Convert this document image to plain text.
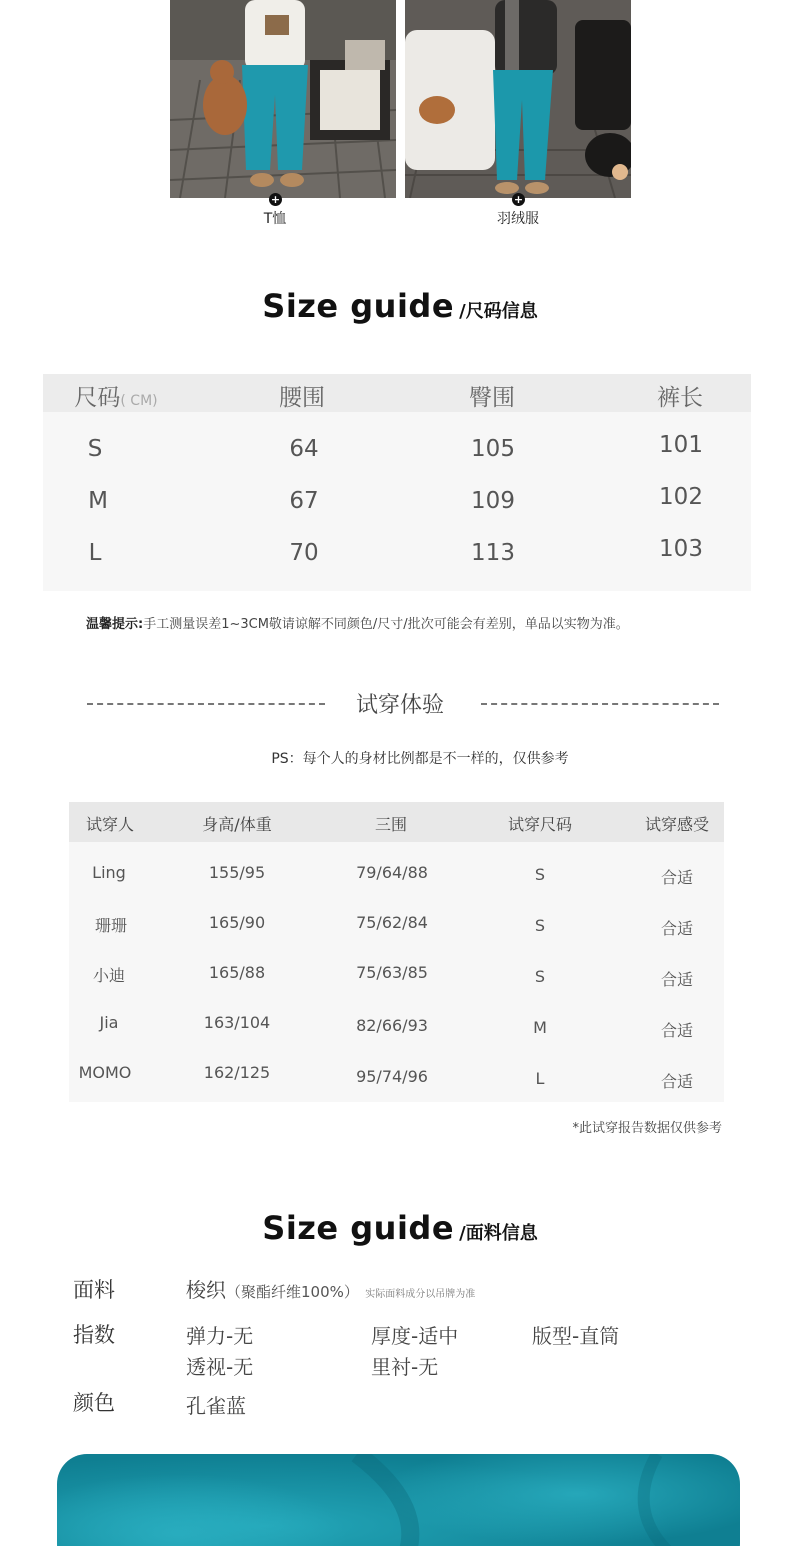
+	+
T恤	羽绒服
Size guide /尺码信息
尺码( CM)	腰围	臀围	裤长
S	64	105	101
M	67	109	102
L	70	113	103
温馨提示:手工测量误差1~3CM敬请谅解不同颜色/尺寸/批次可能会有差别，单品以实物为准。
试穿体验
PS：每个人的身材比例都是不一样的，仅供参考
试穿人	身高/体重	三围	试穿尺码	试穿感受
Ling	155/95	79/64/88	S	合适
珊珊	165/90	75/62/84	S	合适
小迪	165/88	75/63/85	S	合适
Jia	163/104	82/66/93	M	合适
MOMO	162/125	95/74/96	L	合适
*此试穿报告数据仅供参考
Size guide /面料信息
面料	梭织（聚酯纤维100%） 实际面料成分以吊牌为准
指数	弹力-无	厚度-适中	版型-直筒
透视-无	里衬-无
颜色	孔雀蓝
